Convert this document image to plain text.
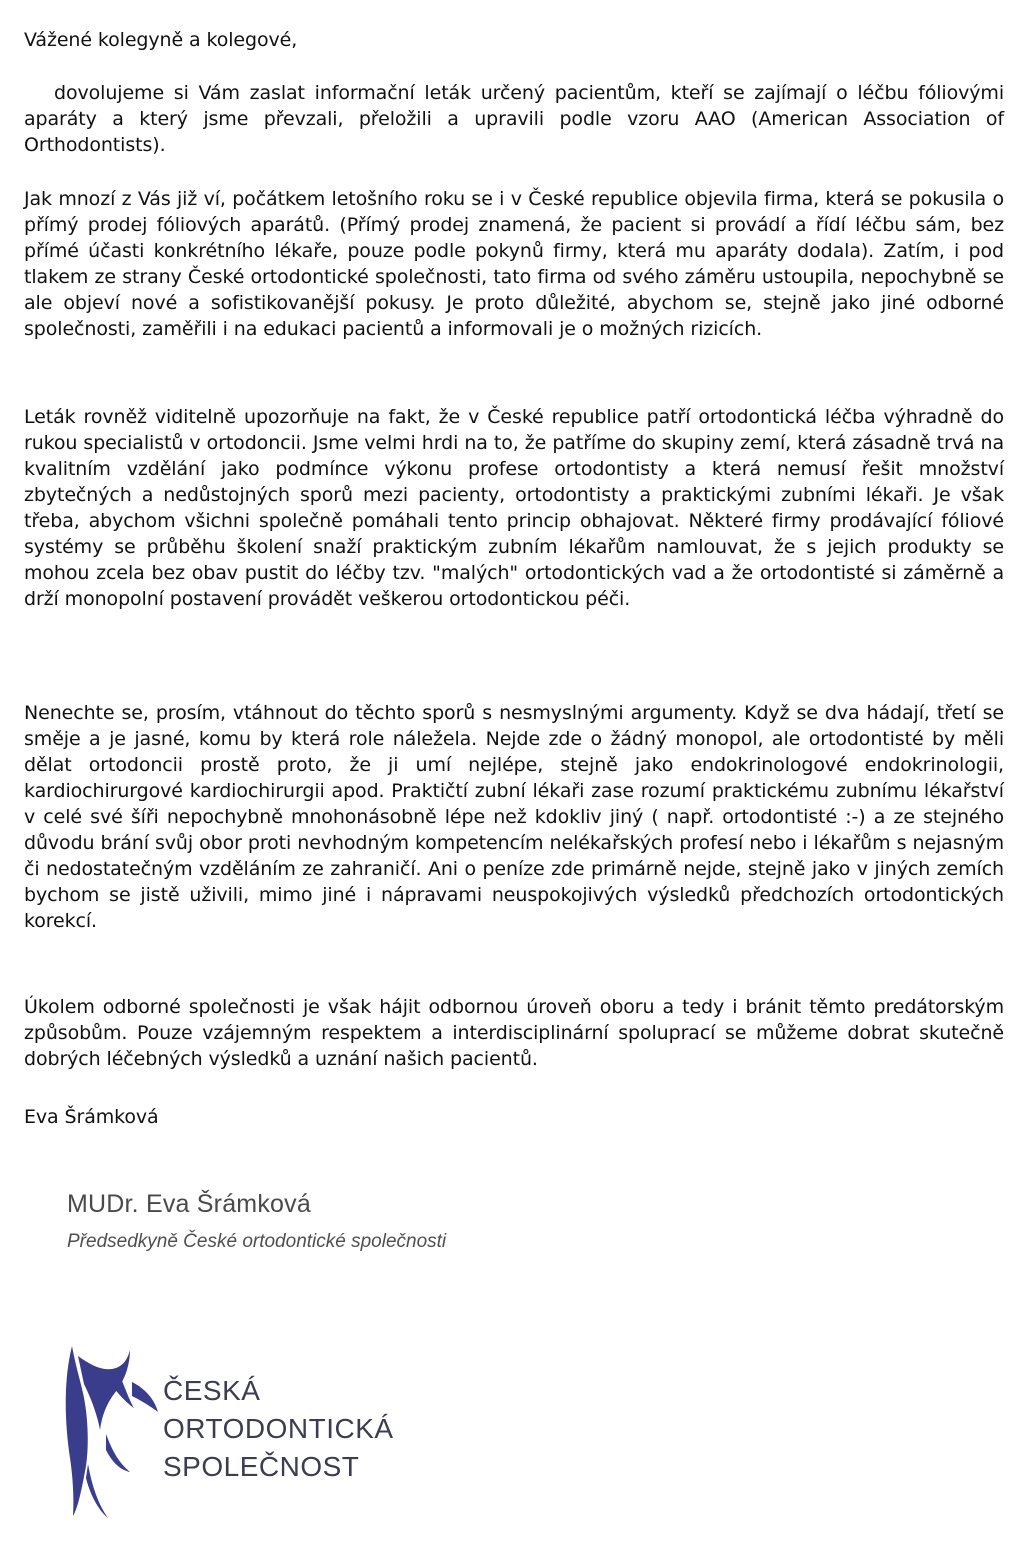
Vážené kolegyně a kolegové,

dovolujeme si Vám zaslat informační leták určený pacientům, kteří se zajímají o léčbu fóliovými aparáty a který jsme převzali, přeložili a upravili podle vzoru AAO (American Association of Orthodontists).

Jak mnozí z Vás již ví, počátkem letošního roku se i v České republice objevila firma, která se pokusila o přímý prodej fóliových aparátů. (Přímý prodej znamená, že pacient si provádí a řídí léčbu sám, bez přímé účasti konkrétního lékaře, pouze podle pokynů firmy, která mu aparáty dodala). Zatím, i pod tlakem ze strany České ortodontické společnosti, tato firma od svého záměru ustoupila, nepochybně se ale objeví nové a sofistikovanější pokusy. Je proto důležité, abychom se, stejně jako jiné odborné společnosti, zaměřili i na edukaci pacientů a informovali je o možných rizicích.

Leták rovněž viditelně upozorňuje na fakt, že v České republice patří ortodontická léčba výhradně do rukou specialistů v ortodoncii. Jsme velmi hrdi na to, že patříme do skupiny zemí, která zásadně trvá na kvalitním vzdělání jako podmínce výkonu profese ortodontisty a která nemusí řešit množství zbytečných a nedůstojných sporů mezi pacienty, ortodontisty a praktickými zubními lékaři. Je však třeba, abychom všichni společně pomáhali tento princip obhajovat. Některé firmy prodávající fóliové systémy se průběhu školení snaží praktickým zubním lékařům namlouvat, že s jejich produkty se mohou zcela bez obav pustit do léčby tzv. "malých" ortodontických vad a že ortodontisté si záměrně a drží monopolní postavení provádět veškerou ortodontickou péči.

Nenechte se, prosím, vtáhnout do těchto sporů s nesmyslnými argumenty. Když se dva hádají, třetí se směje a je jasné, komu by která role náležela. Nejde zde o žádný monopol, ale ortodontisté by měli dělat ortodoncii prostě proto, že ji umí nejlépe, stejně jako endokrinologové endokrinologii, kardiochirurgové kardiochirurgii apod. Praktičtí zubní lékaři zase rozumí praktickému zubnímu lékařství v celé své šíři nepochybně mnohonásobně lépe než kdokliv jiný ( např. ortodontisté :-) a ze stejného důvodu brání svůj obor proti nevhodným kompetencím nelékařských profesí nebo i lékařům s nejasným či nedostatečným vzděláním ze zahraničí. Ani o peníze zde primárně nejde, stejně jako v jiných zemích bychom se jistě uživili, mimo jiné i nápravami neuspokojivých výsledků předchozích ortodontických korekcí.

Úkolem odborné společnosti je však hájit odbornou úroveň oboru a tedy i bránit těmto predátorským způsobům. Pouze vzájemným respektem a interdisciplinární spoluprací se můžeme dobrat skutečně dobrých léčebných výsledků a uznání našich pacientů.

Eva Šrámková

MUDr. Eva Šrámková
Předsedkyně České ortodontické společnosti
ČESKÁ
ORTODONTICKÁ
SPOLEČNOST
